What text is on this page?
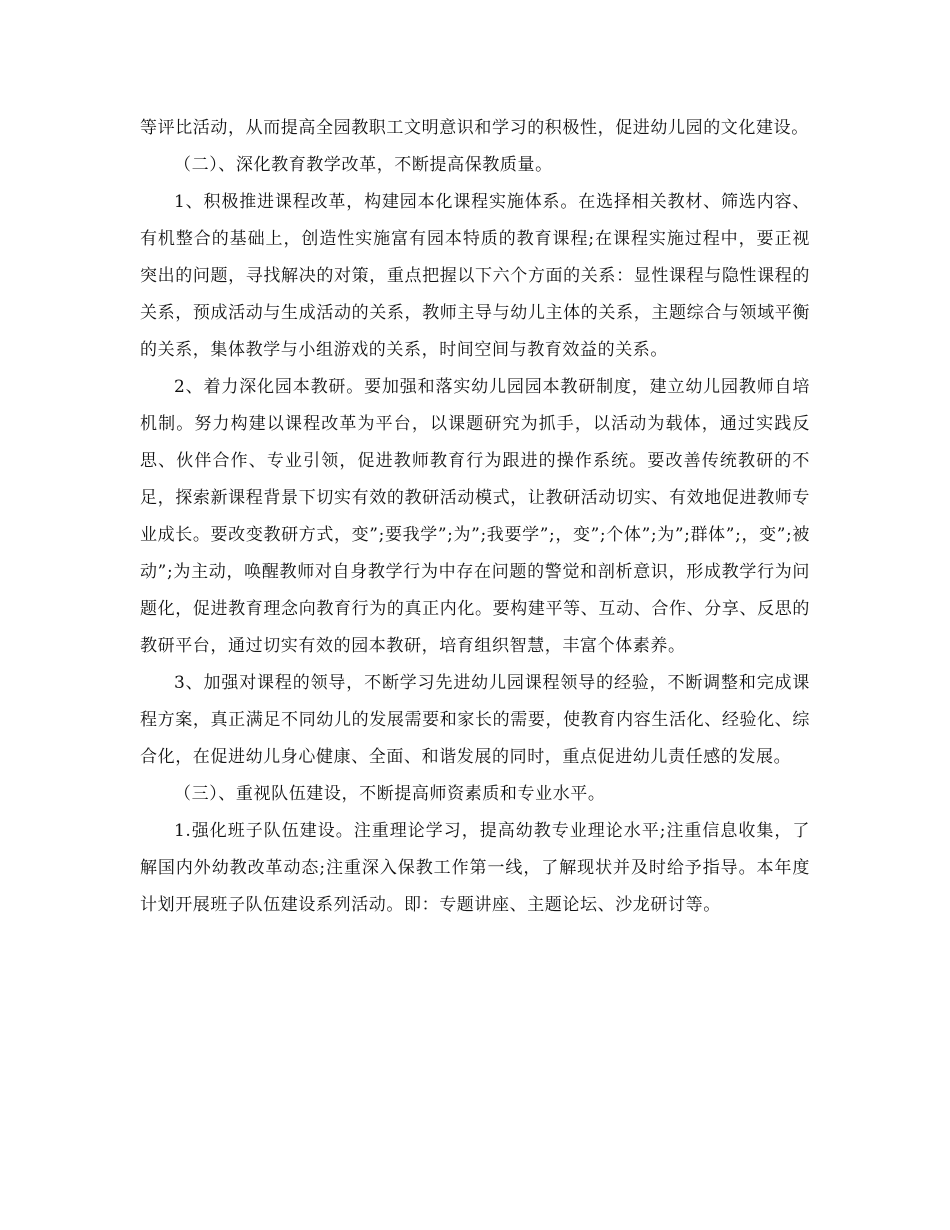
等评比活动，从而提高全园教职工文明意识和学习的积极性，促进幼儿园的文化建设。

（二）、深化教育教学改革，不断提高保教质量。

1、积极推进课程改革，构建园本化课程实施体系。在选择相关教材、筛选内容、有机整合的基础上，创造性实施富有园本特质的教育课程;在课程实施过程中，要正视突出的问题，寻找解决的对策，重点把握以下六个方面的关系：显性课程与隐性课程的关系，预成活动与生成活动的关系，教师主导与幼儿主体的关系，主题综合与领域平衡的关系，集体教学与小组游戏的关系，时间空间与教育效益的关系。

2、着力深化园本教研。要加强和落实幼儿园园本教研制度，建立幼儿园教师自培机制。努力构建以课程改革为平台，以课题研究为抓手，以活动为载体，通过实践反思、伙伴合作、专业引领，促进教师教育行为跟进的操作系统。要改善传统教研的不足，探索新课程背景下切实有效的教研活动模式，让教研活动切实、有效地促进教师专业成长。要改变教研方式，变”;要我学”;为”;我要学”;，变”;个体”;为”;群体”;，变”;被动”;为主动，唤醒教师对自身教学行为中存在问题的警觉和剖析意识，形成教学行为问题化，促进教育理念向教育行为的真正内化。要构建平等、互动、合作、分享、反思的教研平台，通过切实有效的园本教研，培育组织智慧，丰富个体素养。

3、加强对课程的领导，不断学习先进幼儿园课程领导的经验，不断调整和完成课程方案，真正满足不同幼儿的发展需要和家长的需要，使教育内容生活化、经验化、综合化，在促进幼儿身心健康、全面、和谐发展的同时，重点促进幼儿责任感的发展。

（三）、重视队伍建设，不断提高师资素质和专业水平。

1.强化班子队伍建设。注重理论学习，提高幼教专业理论水平;注重信息收集，了解国内外幼教改革动态;注重深入保教工作第一线，了解现状并及时给予指导。本年度计划开展班子队伍建设系列活动。即：专题讲座、主题论坛、沙龙研讨等。
